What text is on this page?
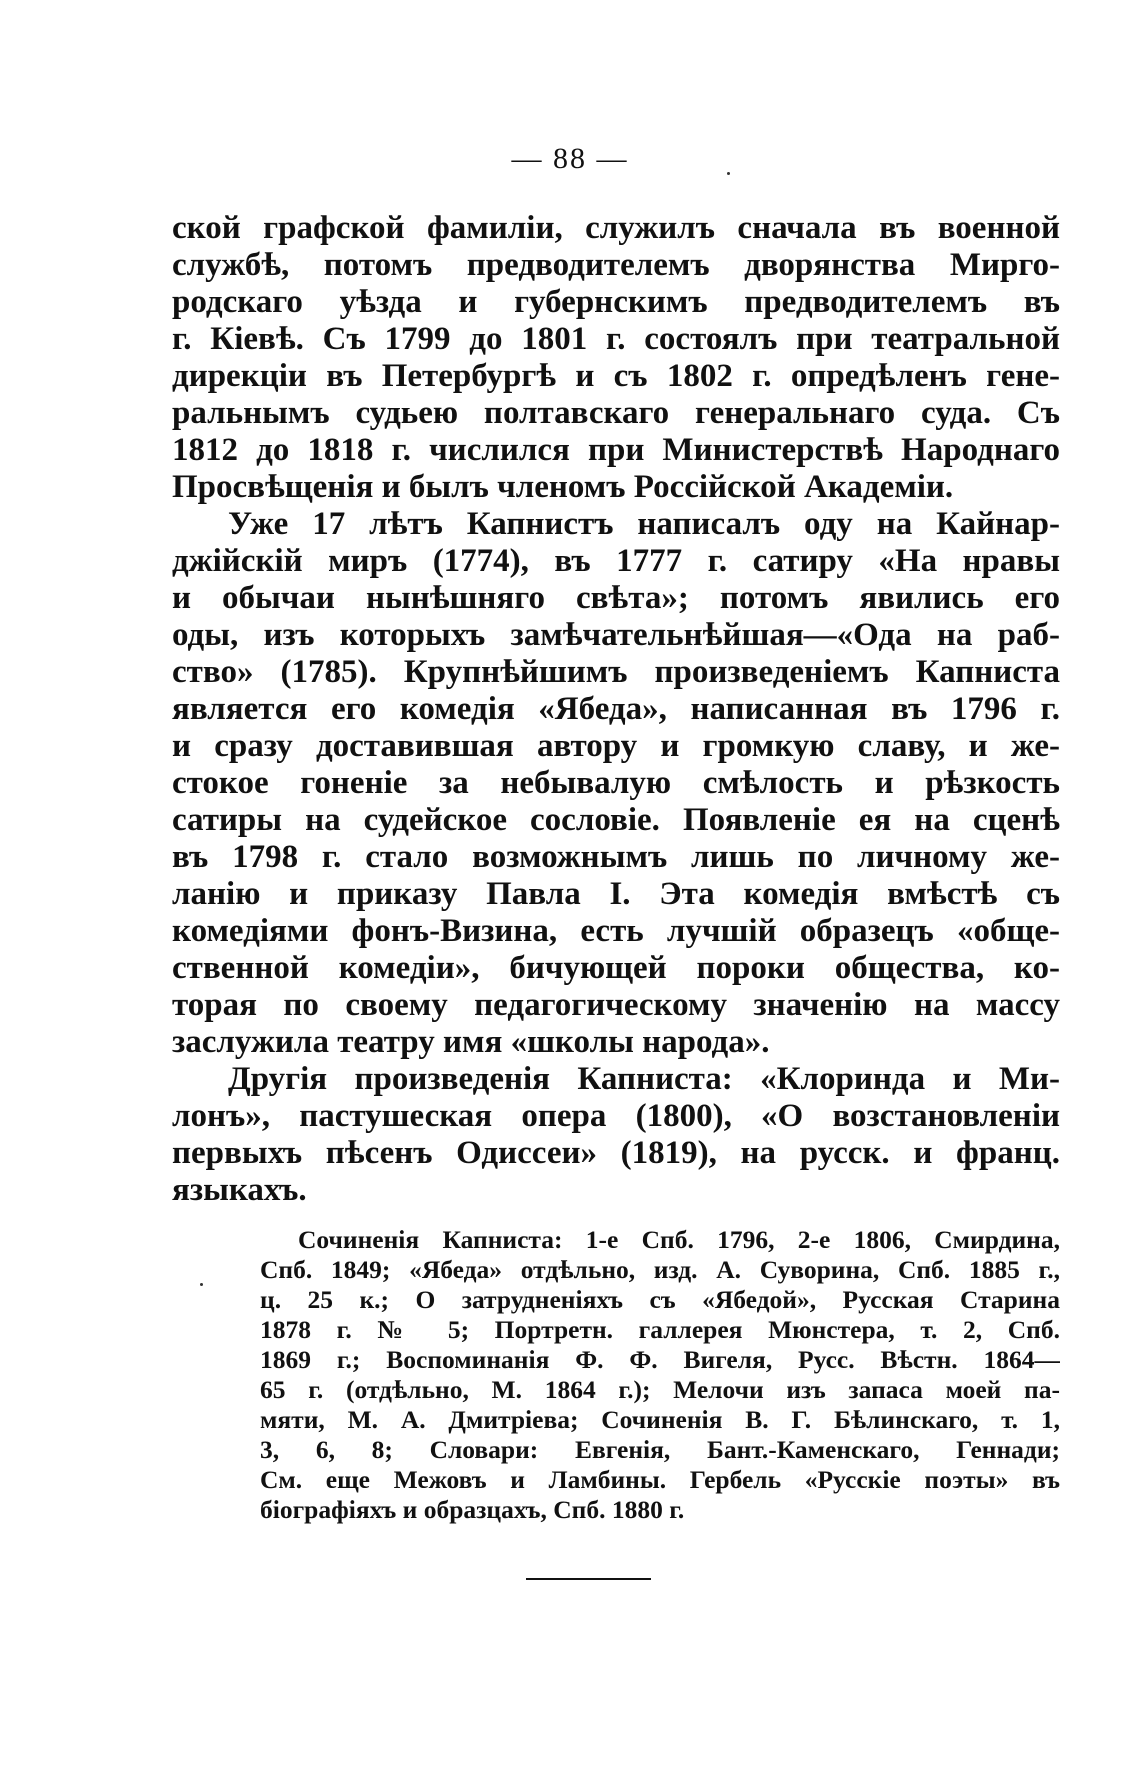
— 88 —
ской графской фамиліи, служилъ сначала въ военной
службѣ, потомъ предводителемъ дворянства Мирго-
родскаго уѣзда и губернскимъ предводителемъ въ
г. Кіевѣ. Съ 1799 до 1801 г. состоялъ при театральной
дирекціи въ Петербургѣ и съ 1802 г. опредѣленъ гене-
ральнымъ судьею полтавскаго генеральнаго суда. Съ
1812 до 1818 г. числился при Министерствѣ Народнаго
Просвѣщенія и былъ членомъ Россійской Академіи.
Уже 17 лѣтъ Капнистъ написалъ оду на Кайнар-
джійскій миръ (1774), въ 1777 г. сатиру «На нравы
и обычаи нынѣшняго свѣта»; потомъ явились его
оды, изъ которыхъ замѣчательнѣйшая—«Ода на раб-
ство» (1785). Крупнѣйшимъ произведеніемъ Капниста
является его комедія «Ябеда», написанная въ 1796 г.
и сразу доставившая автору и громкую славу, и же-
стокое гоненіе за небывалую смѣлость и рѣзкость
сатиры на судейское сословіе. Появленіе ея на сценѣ
въ 1798 г. стало возможнымъ лишь по личному же-
ланію и приказу Павла I. Эта комедія вмѣстѣ съ
комедіями фонъ-Визина, есть лучшій образецъ «обще-
ственной комедіи», бичующей пороки общества, ко-
торая по своему педагогическому значенію на массу
заслужила театру имя «школы народа».
Другія произведенія Капниста: «Клоринда и Ми-
лонъ», пастушеская опера (1800), «О возстановленіи
первыхъ пѣсенъ Одиссеи» (1819), на русск. и франц.
языкахъ.
Сочиненія Капниста: 1-е Спб. 1796, 2-е 1806, Смирдина,
Спб. 1849; «Ябеда» отдѣльно, изд. А. Суворина, Спб. 1885 г.,
ц. 25 к.; О затрудненіяхъ съ «Ябедой», Русская Старина
1878 г. № 5; Портретн. галлерея Мюнстера, т. 2, Спб.
1869 г.; Воспоминанія Ф. Ф. Вигеля, Русс. Вѣстн. 1864—
65 г. (отдѣльно, М. 1864 г.); Мелочи изъ запаса моей па-
мяти, М. А. Дмитріева; Сочиненія В. Г. Бѣлинскаго, т. 1,
3, 6, 8; Словари: Евгенія, Бант.-Каменскаго, Геннади;
См. еще Межовъ и Ламбины. Гербель «Русскіе поэты» въ
біографіяхъ и образцахъ, Спб. 1880 г.
